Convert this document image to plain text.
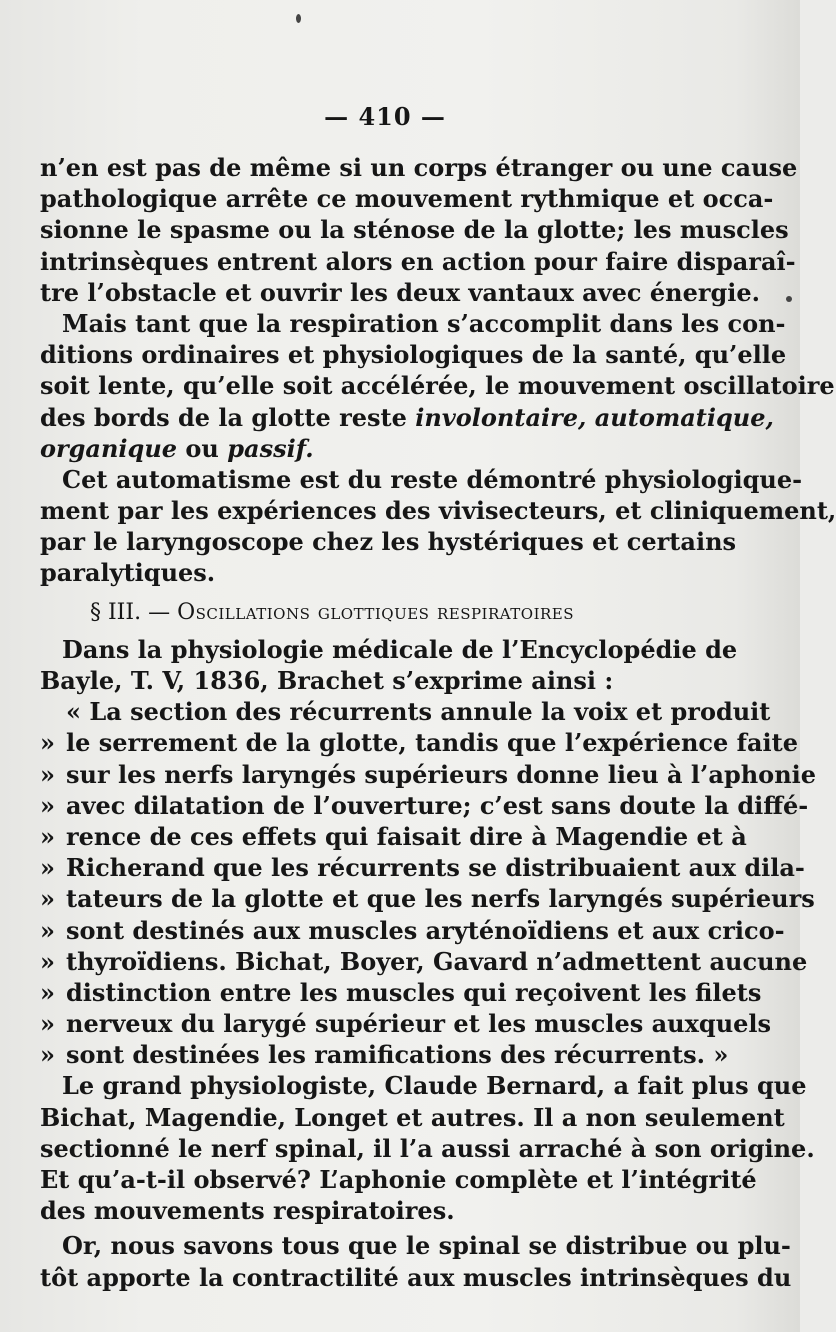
— 410 —
n’en est pas de même si un corps étranger ou une cause
pathologique arrête ce mouvement rythmique et occa-
sionne le spasme ou la sténose de la glotte; les muscles
intrinsèques entrent alors en action pour faire disparaî-
tre l’obstacle et ouvrir les deux vantaux avec énergie.
Mais tant que la respiration s’accomplit dans les con-
ditions ordinaires et physiologiques de la santé, qu’elle
soit lente, qu’elle soit accélérée, le mouvement oscillatoire
des bords de la glotte reste involontaire, automatique,
organique ou passif.
Cet automatisme est du reste démontré physiologique-
ment par les expériences des vivisecteurs, et cliniquement,
par le laryngoscope chez les hystériques et certains
paralytiques.
§ III. — Oscillations glottiques respiratoires
Dans la physiologie médicale de l’Encyclopédie de
Bayle, T. V, 1836, Brachet s’exprime ainsi :
« La section des récurrents annule la voix et produit
» le serrement de la glotte, tandis que l’expérience faite
» sur les nerfs laryngés supérieurs donne lieu à l’aphonie
» avec dilatation de l’ouverture; c’est sans doute la diffé-
» rence de ces effets qui faisait dire à Magendie et à
» Richerand que les récurrents se distribuaient aux dila-
» tateurs de la glotte et que les nerfs laryngés supérieurs
» sont destinés aux muscles aryténoïdiens et aux crico-
» thyroïdiens. Bichat, Boyer, Gavard n’admettent aucune
» distinction entre les muscles qui reçoivent les filets
» nerveux du larygé supérieur et les muscles auxquels
» sont destinées les ramifications des récurrents. »
Le grand physiologiste, Claude Bernard, a fait plus que
Bichat, Magendie, Longet et autres. Il a non seulement
sectionné le nerf spinal, il l’a aussi arraché à son origine.
Et qu’a-t-il observé? L’aphonie complète et l’intégrité
des mouvements respiratoires.
Or, nous savons tous que le spinal se distribue ou plu-
tôt apporte la contractilité aux muscles intrinsèques du
